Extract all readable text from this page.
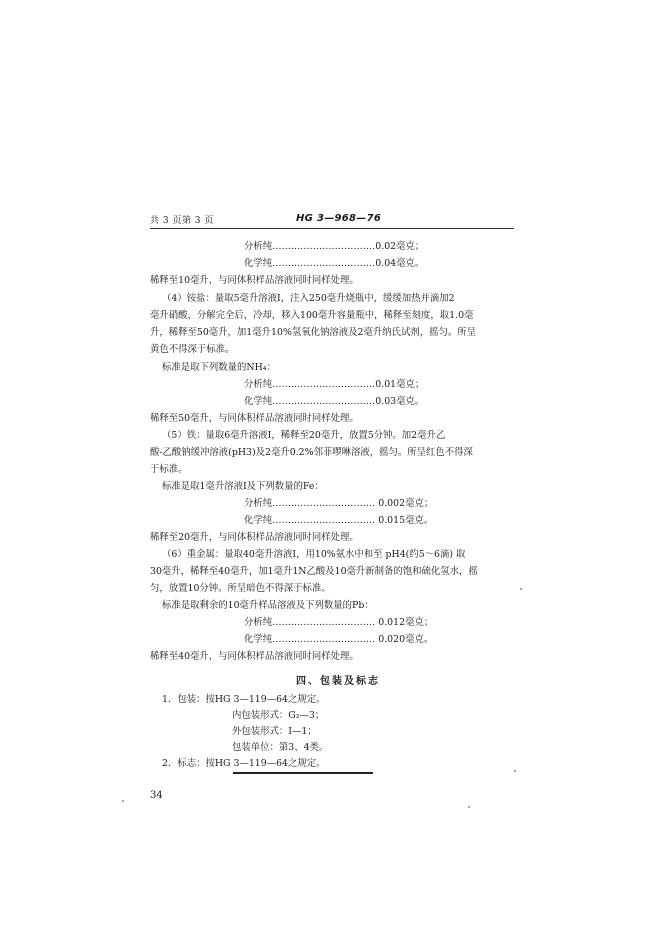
共 3 页第 3 页	HG 3—968—76
分析纯……………………………0.02毫克；
化学纯……………………………0.04毫克。
稀释至10毫升，与同体积样品溶液同时同样处理。
（4）铵盐：量取5毫升溶液Ⅰ，注入250毫升烧瓶中，缓缓加热并滴加2
毫升硝酸，分解完全后，冷却，移入100毫升容量瓶中，稀释至刻度，取1.0毫
升，稀释至50毫升，加1毫升10%氢氧化钠溶液及2毫升纳氏试剂，摇匀。所呈
黄色不得深于标准。
标准是取下列数量的NH₄：
分析纯……………………………0.01毫克；
化学纯……………………………0.03毫克。
稀释至50毫升，与同体积样品溶液同时同样处理。
（5）铁：量取6毫升溶液Ⅰ，稀释至20毫升，放置5分钟。加2毫升乙
酸-乙酸钠缓冲溶液(pH3)及2毫升0.2%邻菲啰啉溶液，摇匀。所呈红色不得深
于标准。
标准是取1毫升溶液Ⅰ及下列数量的Fe：
分析纯…………………………… 0.002毫克；
化学纯…………………………… 0.015毫克。
稀释至20毫升，与同体积样品溶液同时同样处理。
（6）重金属：量取40毫升溶液Ⅰ，用10%氨水中和至 pH4(约5～6滴) 取
30毫升，稀释至40毫升，加1毫升1N乙酸及10毫升新制备的饱和硫化氢水，摇
匀，放置10分钟。所呈暗色不得深于标准。
标准是取剩余的10毫升样品溶液及下列数量的Pb：
分析纯…………………………… 0.012毫克；
化学纯…………………………… 0.020毫克。
稀释至40毫升，与同体积样品溶液同时同样处理。
四、包装及标志
1．包装：按HG 3—119—64之规定。
内包装形式：G₂—3；
外包装形式：Ⅰ—1；
包装单位：第3、4类。
2．标志：按HG 3—119—64之规定。
34
